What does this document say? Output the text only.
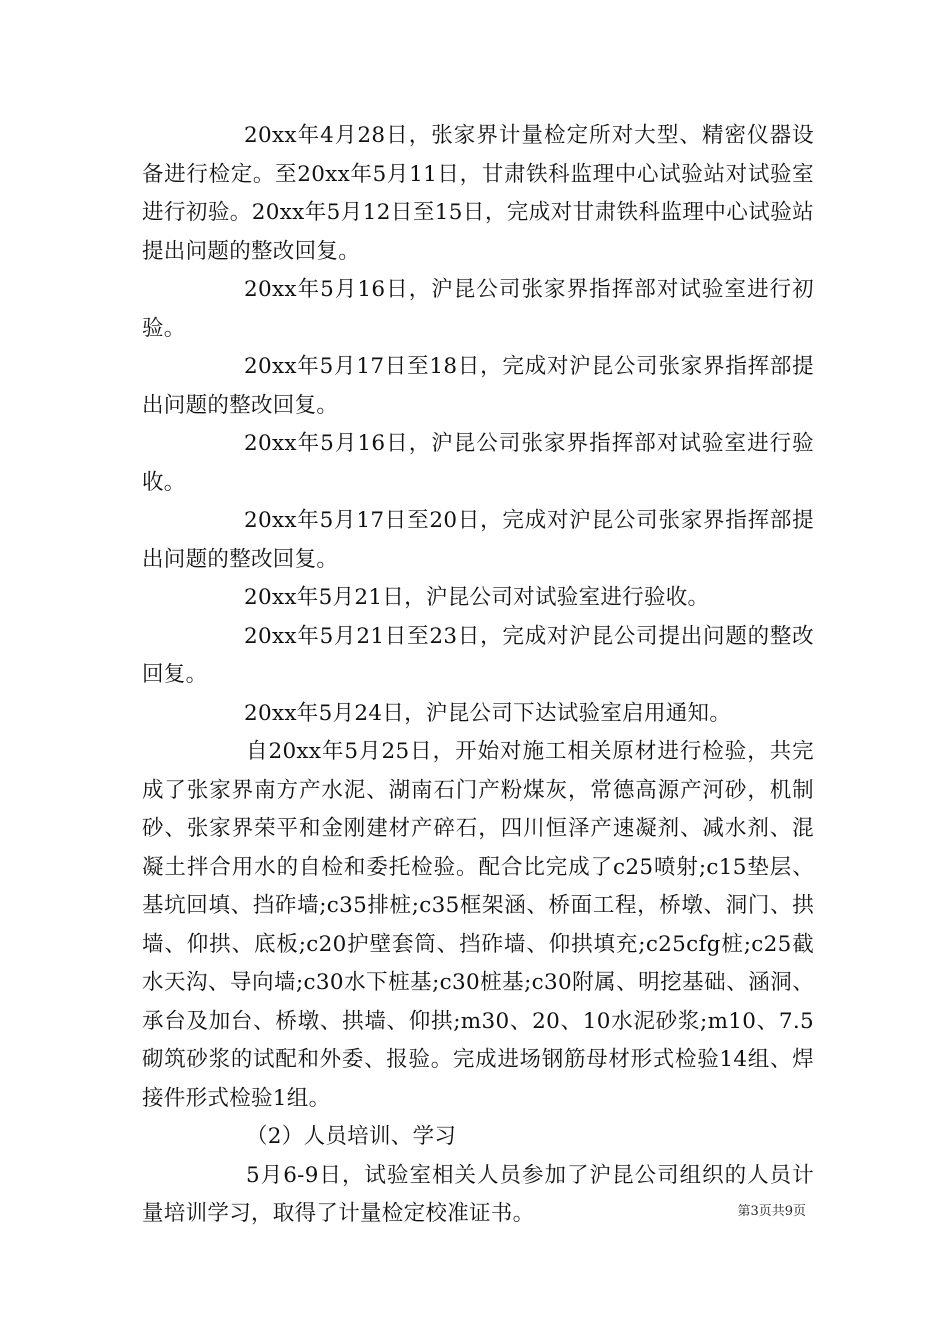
20xx年4月28日，张家界计量检定所对大型、精密仪器设备进行检定。至20xx年5月11日，甘肃铁科监理中心试验站对试验室进行初验。20xx年5月12日至15日，完成对甘肃铁科监理中心试验站提出问题的整改回复。

20xx年5月16日，沪昆公司张家界指挥部对试验室进行初验。

20xx年5月17日至18日，完成对沪昆公司张家界指挥部提出问题的整改回复。

20xx年5月16日，沪昆公司张家界指挥部对试验室进行验收。

20xx年5月17日至20日，完成对沪昆公司张家界指挥部提出问题的整改回复。

20xx年5月21日，沪昆公司对试验室进行验收。

20xx年5月21日至23日，完成对沪昆公司提出问题的整改回复。

20xx年5月24日，沪昆公司下达试验室启用通知。

自20xx年5月25日，开始对施工相关原材进行检验，共完成了张家界南方产水泥、湖南石门产粉煤灰，常德高源产河砂，机制砂、张家界荣平和金刚建材产碎石，四川恒泽产速凝剂、减水剂、混凝土拌合用水的自检和委托检验。配合比完成了c25喷射;c15垫层、基坑回填、挡砟墙;c35排桩;c35框架涵、桥面工程，桥墩、洞门、拱墙、仰拱、底板;c20护壁套筒、挡砟墙、仰拱填充;c25cfg桩;c25截水天沟、导向墙;c30水下桩基;c30桩基;c30附属、明挖基础、涵洞、承台及加台、桥墩、拱墙、仰拱;m30、20、10水泥砂浆;m10、7.5砌筑砂浆的试配和外委、报验。完成进场钢筋母材形式检验14组、焊接件形式检验1组。

（2）人员培训、学习

5月6-9日，试验室相关人员参加了沪昆公司组织的人员计量培训学习，取得了计量检定校准证书。	第3页共9页
